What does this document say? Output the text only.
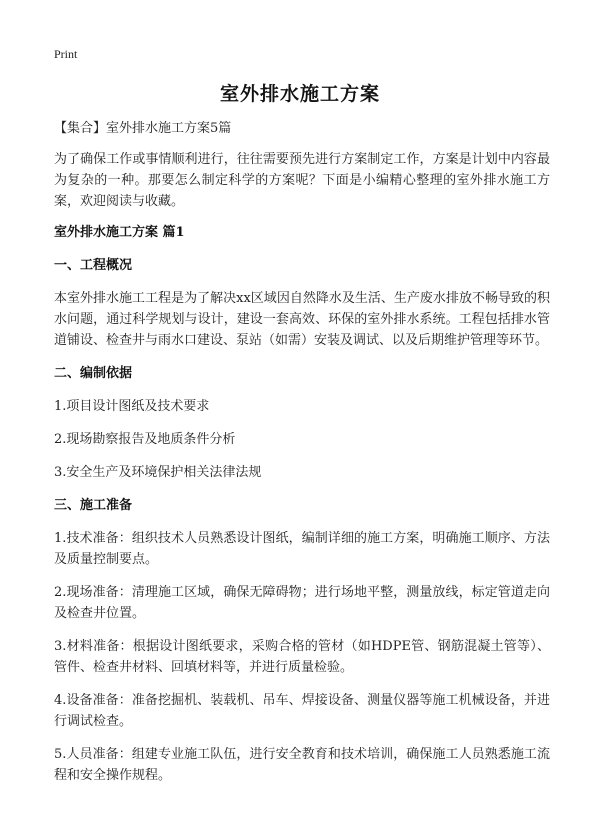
Print
室外排水施工方案

【集合】室外排水施工方案5篇

为了确保工作或事情顺利进行，往往需要预先进行方案制定工作，方案是计划中内容最为复杂的一种。那要怎么制定科学的方案呢？下面是小编精心整理的室外排水施工方案，欢迎阅读与收藏。

室外排水施工方案 篇1
一、工程概况

本室外排水施工工程是为了解决xx区域因自然降水及生活、生产废水排放不畅导致的积水问题，通过科学规划与设计，建设一套高效、环保的室外排水系统。工程包括排水管道铺设、检查井与雨水口建设、泵站（如需）安装及调试、以及后期维护管理等环节。

二、编制依据

1.项目设计图纸及技术要求

2.现场勘察报告及地质条件分析

3.安全生产及环境保护相关法律法规

三、施工准备

1.技术准备：组织技术人员熟悉设计图纸，编制详细的施工方案，明确施工顺序、方法及质量控制要点。

2.现场准备：清理施工区域，确保无障碍物；进行场地平整，测量放线，标定管道走向及检查井位置。

3.材料准备：根据设计图纸要求，采购合格的管材（如HDPE管、钢筋混凝土管等）、管件、检查井材料、回填材料等，并进行质量检验。

4.设备准备：准备挖掘机、装载机、吊车、焊接设备、测量仪器等施工机械设备，并进行调试检查。

5.人员准备：组建专业施工队伍，进行安全教育和技术培训，确保施工人员熟悉施工流程和安全操作规程。
